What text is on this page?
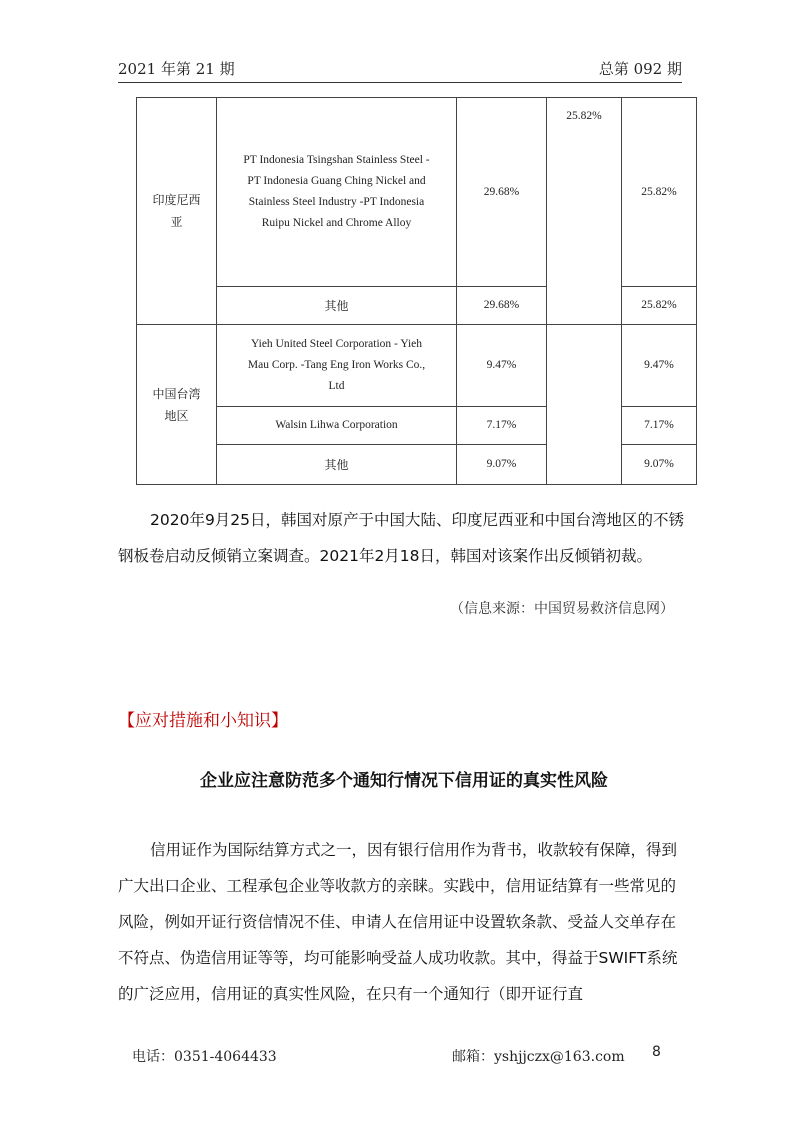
2021 年第 21 期	总第 092 期
印度尼西亚	PT Indonesia Tsingshan Stainless Steel -PT Indonesia Guang Ching Nickel and Stainless Steel Industry -PT Indonesia Ruipu Nickel and Chrome Alloy	29.68%	25.82%	25.82%
	其他	29.68%		25.82%
中国台湾地区	Yieh United Steel Corporation - Yieh Mau Corp. -Tang Eng Iron Works Co., Ltd	9.47%		9.47%
	Walsin Lihwa Corporation	7.17%		7.17%
	其他	9.07%		9.07%

2020年9月25日，韩国对原产于中国大陆、印度尼西亚和中国台湾地区的不锈钢板卷启动反倾销立案调查。2021年2月18日，韩国对该案作出反倾销初裁。

（信息来源：中国贸易救济信息网）
【应对措施和小知识】
企业应注意防范多个通知行情况下信用证的真实性风险

信用证作为国际结算方式之一，因有银行信用作为背书，收款较有保障，得到广大出口企业、工程承包企业等收款方的亲睐。实践中，信用证结算有一些常见的风险，例如开证行资信情况不佳、申请人在信用证中设置软条款、受益人交单存在不符点、伪造信用证等等，均可能影响受益人成功收款。其中，得益于SWIFT系统的广泛应用，信用证的真实性风险，在只有一个通知行（即开证行直

电话：0351-4064433	邮箱：yshjjczx@163.com 8
